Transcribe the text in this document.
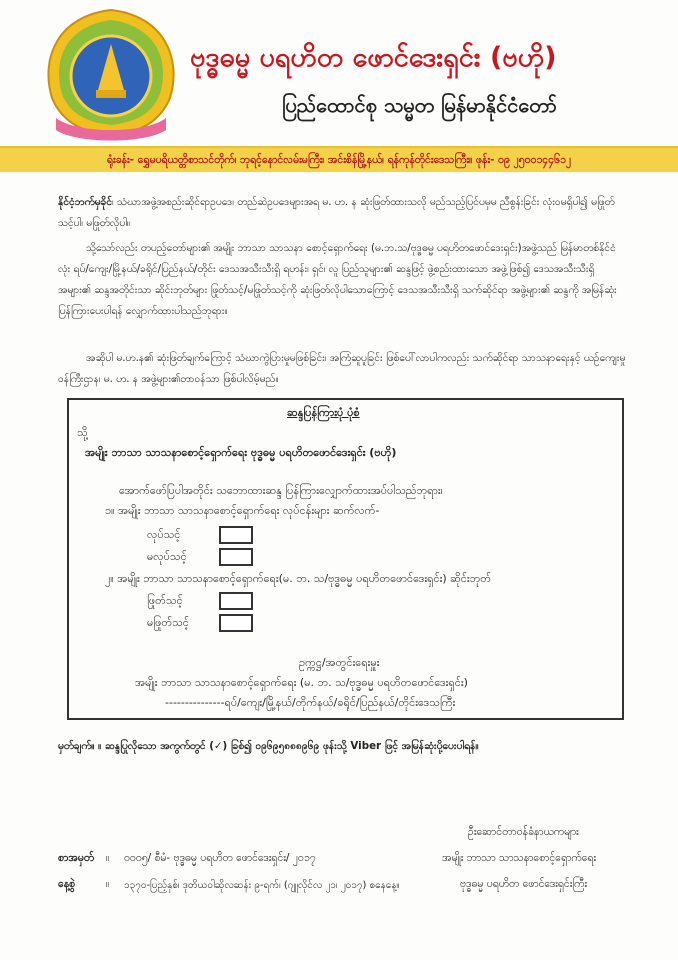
ဗုဒ္ဓဓမ္မ ပရဟိတ ဖောင်ဒေးရှင်း (ဗဟို)
ပြည်ထောင်စု သမ္မတ မြန်မာနိုင်ငံတော်
ရုံးခန်း- ရွှေမပရိယတ္တိစာသင်တိုက်၊ ဘုရင့်နောင်လမ်းမကြီး၊ အင်းစိန်မြို့နယ်၊ ရန်ကုန်တိုင်းဒေသကြီး။ ဖုန်း- ၀၉ ၂၅၀၀၁၄၄၆၁၂
နိုင်ငံ့ဘက်မှခိုင်၊ သံဃာအဖွဲ့အစည်းဆိုင်ရာဥပဒေ၊ တည်ဆဲဥပဒေများအရ မ. ဟ. န ဆုံးဖြတ်ထားသလို မည်သည့်ပြင်ပမှမ ညီစွန်းခြင်း လုံးဝမရှိပါ၍ မဖြုတ်သင့်ပါ၊ မဖြုတ်လိုပါ။
သို့သော်လည်း တပည့်တော်များ၏ အမျိုး ဘာသာ သာသနာ စောင့်ရှောက်ရေး (မ.ဘ.သ/ဗုဒ္ဓဓမ္မ ပရဟိတဖောင်ဒေးရှင်း)အဖွဲ့သည် မြန်မာတစ်နိုင်ငံလုံး ရပ်/ကျေး/မြို့နယ်/ခရိုင်/ပြည်နယ်/တိုင်း ဒေသအသီးသီးရှိ ရဟန်း၊ ရှင်၊ လူ ပြည်သူများ၏ ဆန္ဒဖြင့် ဖွဲ့စည်းထားသော အဖွဲ့ဖြစ်၍ ဒေသအသီးသီးရှိ အများ၏ ဆန္ဒအတိုင်းသာ ဆိုင်းဘုတ်များ ဖြုတ်သင့်/မဖြုတ်သင့်ကို ဆုံးဖြတ်လိုပါသောကြောင့် ဒေသအသီးသီးရှိ သက်ဆိုင်ရာ အဖွဲ့များ၏ ဆန္ဒကို အမြန်ဆုံး ပြန်ကြားပေးပါရန် လျှောက်ထားပါသည်ဘုရား။
အဆိုပါ မ.ဟ.န၏ ဆုံးဖြတ်ချက်ကြောင့် သံဃာကွဲပြားမှုမဖြစ်ခြင်း၊ အကြံဆူပူခြင်း ဖြစ်ပေါ်လာပါကလည်း သက်ဆိုင်ရာ သာသနာရေးနှင့် ယဉ်ကျေးမှုဝန်ကြီးဌာန၊ မ. ဟ. န အဖွဲ့များ၏တာဝန်သာ ဖြစ်ပါလိမ့်မည်။
ဆန္ဒပြန်ကြားပုံ ပုံစံ
သို့
အမျိုး ဘာသာ သာသနာစောင့်ရှောက်ရေး ဗုဒ္ဓဓမ္မ ပရဟိတဖောင်ဒေးရှင်း (ဗဟို)
အောက်ဖော်ပြပါအတိုင်း သဘောထားဆန္ဒ ပြန်ကြားလျှောက်ထားအပ်ပါသည်ဘုရား၊
၁။ အမျိုး ဘာသာ သာသနာစောင့်ရှောက်ရေး လုပ်ငန်းများ ဆက်လက်-
လုပ်သင့်
မလုပ်သင့်
၂။ အမျိုး ဘာသာ သာသနာစောင့်ရှောက်ရေး(မ. ဘ. သ/ဗုဒ္ဓဓမ္မ ပရဟိတဖောင်ဒေးရှင်း) ဆိုင်းဘုတ်
ဖြုတ်သင့်
မဖြုတ်သင့်
ဥက္ကဋ္ဌ/အတွင်းရေးမှူး
အမျိုး ဘာသာ သာသနာစောင့်ရှောက်ရေး (မ. ဘ. သ/ဗုဒ္ဓဓမ္မ ပရဟိတဖောင်ဒေးရှင်း)
---------------ရပ်/ကျေး/မြို့နယ်/တိုက်နယ်/ခရိုင်/ပြည်နယ်/တိုင်းဒေသကြီး
မှတ်ချက်။ ။ ဆန္ဒပြုလိုသော အကွက်တွင် (✓) ခြစ်၍ ၀၉၆၉၅၈၈၈၉၆၉ ဖုန်းသို့ Viber ဖြင့် အမြန်ဆုံးပို့ပေးပါရန်။
ဦးဆောင်တာဝန်ခံနာယကများ
အမျိုး ဘာသာ သာသနာစောင့်ရှောက်ရေး
ဗုဒ္ဓဓမ္မ ပရဟိတ ဖောင်ဒေးရှင်းကြီး
စာအမှတ် ။ ၀၀၀၅/ စီမံ- ဗုဒ္ဓဓမ္မ ပရဟိတ ဖောင်ဒေးရှင်း/ ၂၀၁၇
နေ့စွဲ	။ ၁၃၇၀-ပြည့်နှစ်၊ ဒုတိယဝါဆိုလဆန်း ၉-ရက်၊ (ဂျူလိုင်လ ၂၁၊ ၂၀၁၇) စနေနေ့။
